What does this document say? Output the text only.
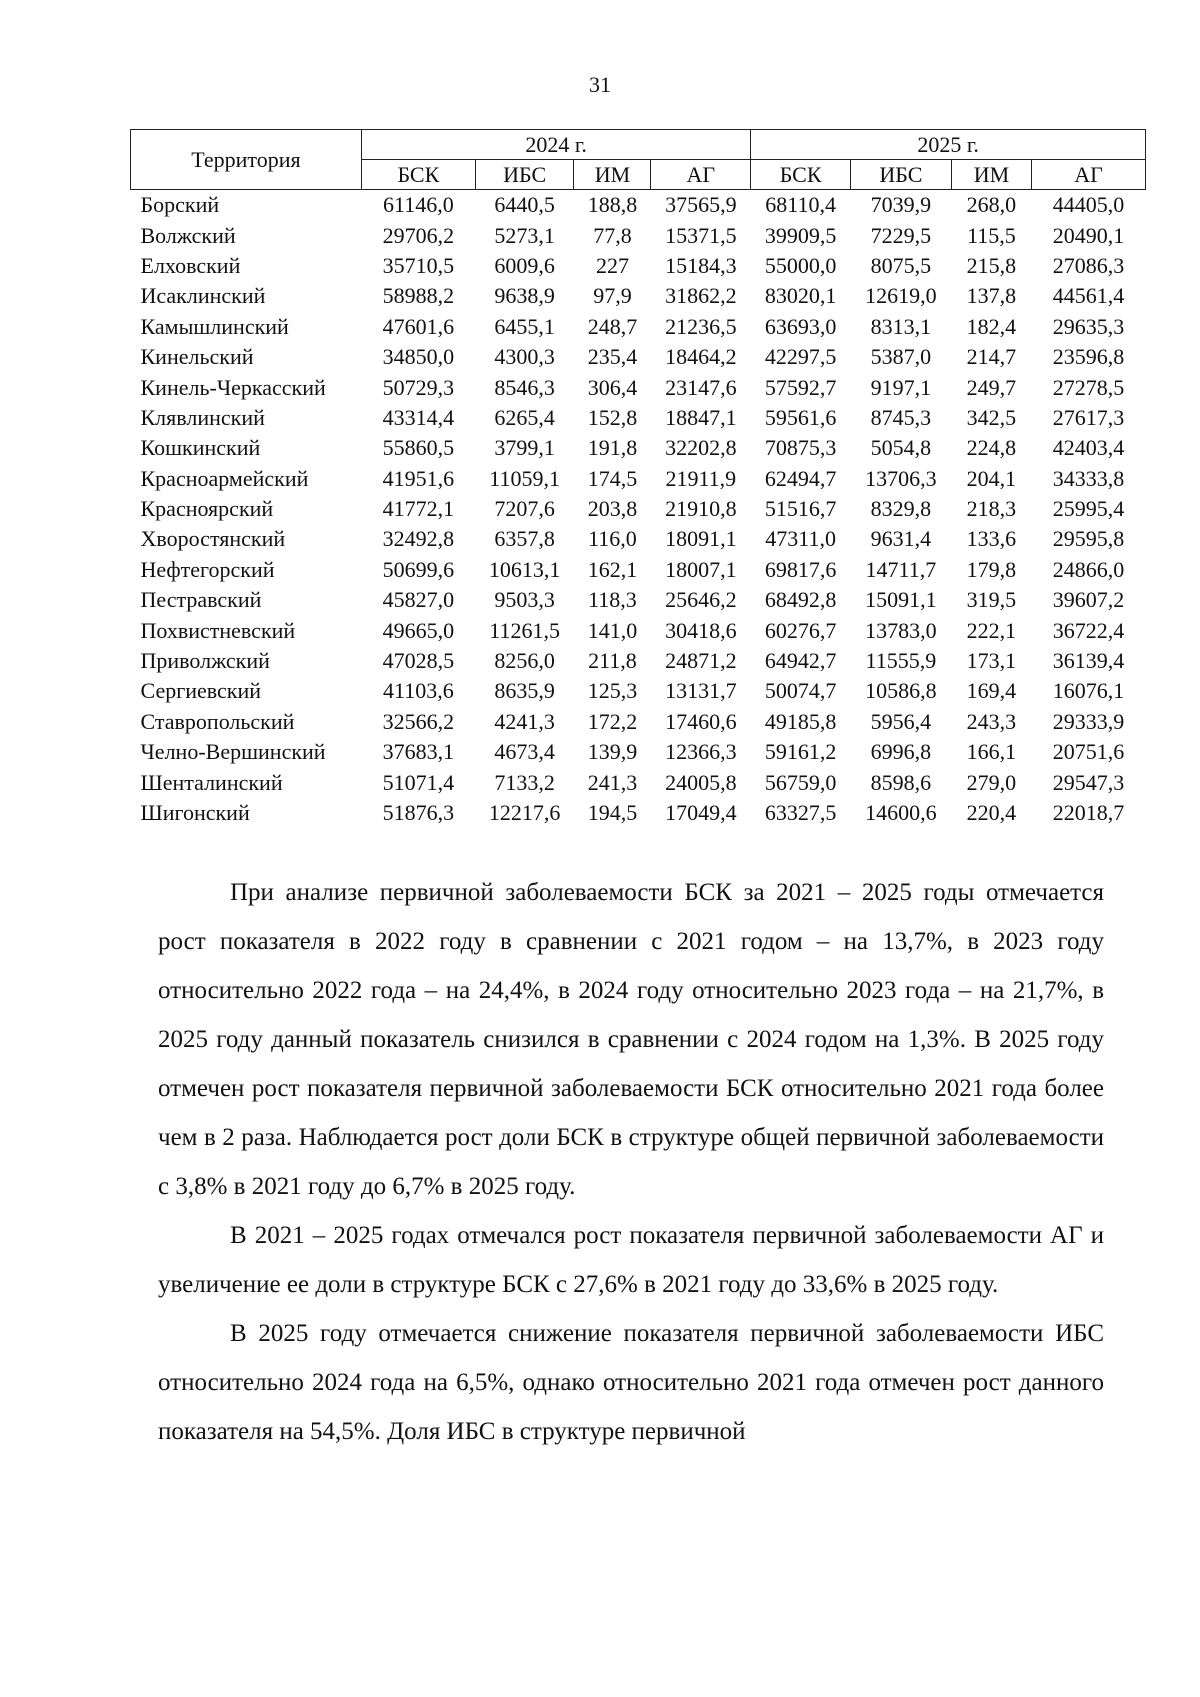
31
Территория	2024 г.				2025 г.			
	БСК	ИБС	ИМ	АГ	БСК	ИБС	ИМ	АГ
Борский	61146,0	6440,5	188,8	37565,9	68110,4	7039,9	268,0	44405,0
Волжский	29706,2	5273,1	77,8	15371,5	39909,5	7229,5	115,5	20490,1
Елховский	35710,5	6009,6	227	15184,3	55000,0	8075,5	215,8	27086,3
Исаклинский	58988,2	9638,9	97,9	31862,2	83020,1	12619,0	137,8	44561,4
Камышлинский	47601,6	6455,1	248,7	21236,5	63693,0	8313,1	182,4	29635,3
Кинельский	34850,0	4300,3	235,4	18464,2	42297,5	5387,0	214,7	23596,8
Кинель-Черкасский	50729,3	8546,3	306,4	23147,6	57592,7	9197,1	249,7	27278,5
Клявлинский	43314,4	6265,4	152,8	18847,1	59561,6	8745,3	342,5	27617,3
Кошкинский	55860,5	3799,1	191,8	32202,8	70875,3	5054,8	224,8	42403,4
Красноармейский	41951,6	11059,1	174,5	21911,9	62494,7	13706,3	204,1	34333,8
Красноярский	41772,1	7207,6	203,8	21910,8	51516,7	8329,8	218,3	25995,4
Хворостянский	32492,8	6357,8	116,0	18091,1	47311,0	9631,4	133,6	29595,8
Нефтегорский	50699,6	10613,1	162,1	18007,1	69817,6	14711,7	179,8	24866,0
Пестравский	45827,0	9503,3	118,3	25646,2	68492,8	15091,1	319,5	39607,2
Похвистневский	49665,0	11261,5	141,0	30418,6	60276,7	13783,0	222,1	36722,4
Приволжский	47028,5	8256,0	211,8	24871,2	64942,7	11555,9	173,1	36139,4
Сергиевский	41103,6	8635,9	125,3	13131,7	50074,7	10586,8	169,4	16076,1
Ставропольский	32566,2	4241,3	172,2	17460,6	49185,8	5956,4	243,3	29333,9
Челно-Вершинский	37683,1	4673,4	139,9	12366,3	59161,2	6996,8	166,1	20751,6
Шенталинский	51071,4	7133,2	241,3	24005,8	56759,0	8598,6	279,0	29547,3
Шигонский	51876,3	12217,6	194,5	17049,4	63327,5	14600,6	220,4	22018,7

При анализе первичной заболеваемости БСК за 2021 – 2025 годы отмечается рост показателя в 2022 году в сравнении с 2021 годом – на 13,7%, в 2023 году относительно 2022 года – на 24,4%, в 2024 году относительно 2023 года – на 21,7%, в 2025 году данный показатель снизился в сравнении с 2024 годом на 1,3%. В 2025 году отмечен рост показателя первичной заболеваемости БСК относительно 2021 года более чем в 2 раза. Наблюдается рост доли БСК в структуре общей первичной заболеваемости с 3,8% в 2021 году до 6,7% в 2025 году.

В 2021 – 2025 годах отмечался рост показателя первичной заболеваемости АГ и увеличение ее доли в структуре БСК с 27,6% в 2021 году до 33,6% в 2025 году.

В 2025 году отмечается снижение показателя первичной заболеваемости ИБС относительно 2024 года на 6,5%, однако относительно 2021 года отмечен рост данного показателя на 54,5%. Доля ИБС в структуре первичной
